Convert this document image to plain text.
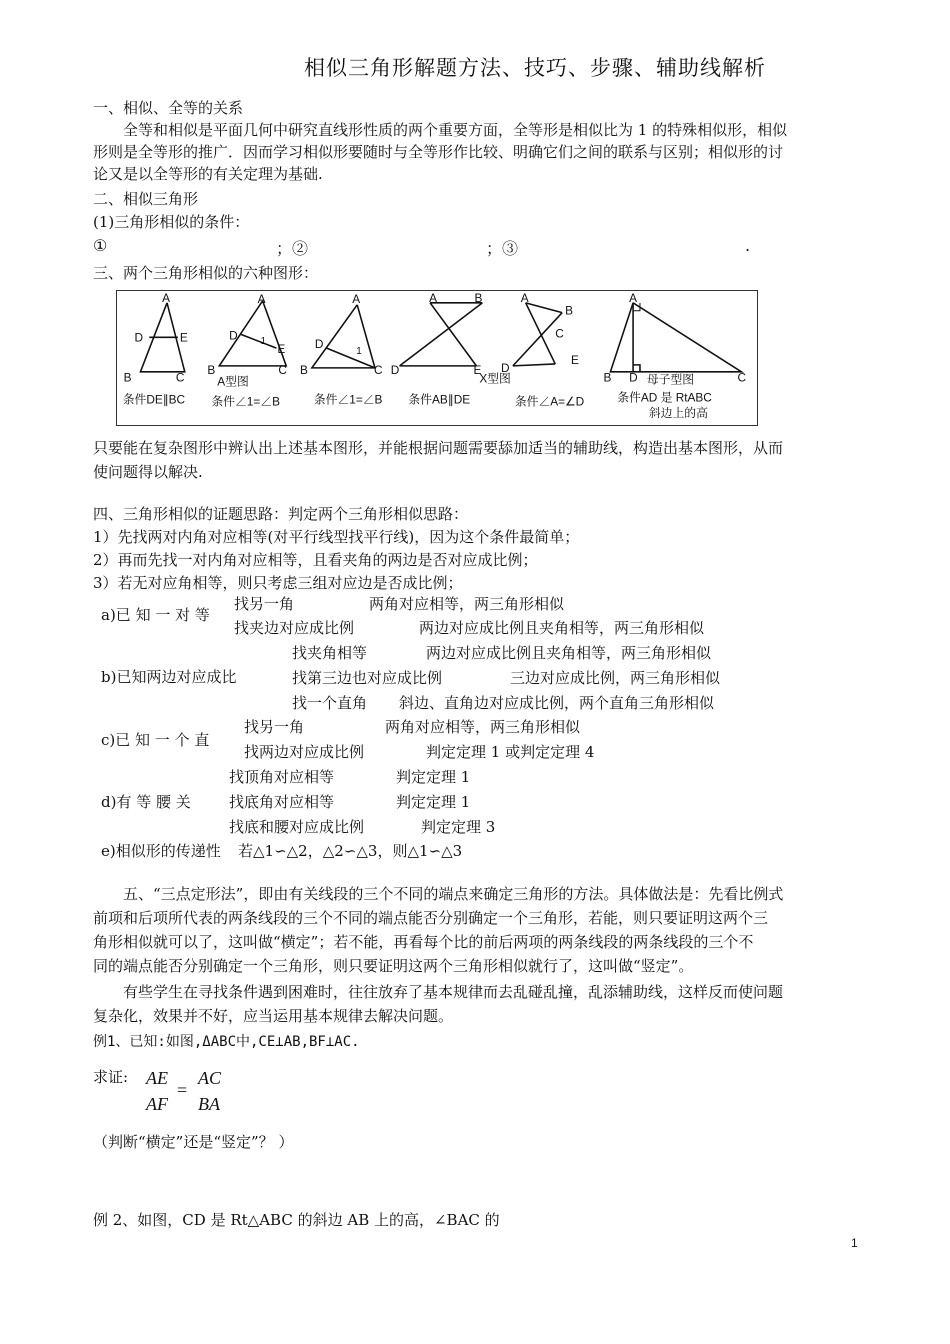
相似三角形解题方法、技巧、步骤、辅助线解析
一、相似、全等的关系
全等和相似是平面几何中研究直线形性质的两个重要方面，全等形是相似比为 1 的特殊相似形，相似
形则是全等形的推广．因而学习相似形要随时与全等形作比较、明确它们之间的联系与区别；相似形的讨
论又是以全等形的有关定理为基础.
二、相似三角形
(1)三角形相似的条件：
①	；②	；③	.
三、两个三角形相似的六种图形：
A
D	E
B	C
A
D
E
1
B	C
A
D
1
B	C
A	B
D	E
A
B
C
E
D
A
B D	C
A型图	X型图	母子型图
条件DE∥BC 条件∠1=∠B	条件∠1=∠B 条件AB∥DE	条件∠A=∠D	条件AD 是 RtABC
斜边上的高
只要能在复杂图形中辨认出上述基本图形，并能根据问题需要舔加适当的辅助线，构造出基本图形，从而
使问题得以解决.
四、三角形相似的证题思路：判定两个三角形相似思路：
1）先找两对内角对应相等(对平行线型找平行线)，因为这个条件最简单；
2）再而先找一对内角对应相等，且看夹角的两边是否对应成比例；
3）若无对应角相等，则只考虑三组对应边是否成比例；
a)已 知 一 对 等
找另一角	两角对应相等，两三角形相似
找夹边对应成比例	两边对应成比例且夹角相等，两三角形相似
b)已知两边对应成比
找夹角相等	两边对应成比例且夹角相等，两三角形相似
找第三边也对应成比例	三边对应成比例，两三角形相似
找一个直角 斜边、直角边对应成比例，两个直角三角形相似
c)已 知 一 个 直
找另一角	两角对应相等，两三角形相似
找两边对应成比例	判定定理 1 或判定定理 4
d)有 等 腰 关
找顶角对应相等	判定定理 1
找底角对应相等	判定定理 1
找底和腰对应成比例	判定定理 3
e)相似形的传递性 若△1∽△2，△2∽△3，则△1∽△3
五、“三点定形法”，即由有关线段的三个不同的端点来确定三角形的方法。具体做法是：先看比例式
前项和后项所代表的两条线段的三个不同的端点能否分别确定一个三角形，若能，则只要证明这两个三
角形相似就可以了，这叫做“横定”；若不能，再看每个比的前后两项的两条线段的两条线段的三个不
同的端点能否分别确定一个三角形，则只要证明这两个三角形相似就行了，这叫做“竖定”。
有些学生在寻找条件遇到困难时，往往放弃了基本规律而去乱碰乱撞，乱添辅助线，这样反而使问题
复杂化，效果并不好，应当运用基本规律去解决问题。
例1、已知:如图,ΔABC中,CE⊥AB,BF⊥AC.
求证: AE
AF
=
AC
BA
（判断“横定”还是“竖定”？ ）
例 2、如图，CD 是 Rt△ABC 的斜边 AB 上的高，∠BAC 的
1
